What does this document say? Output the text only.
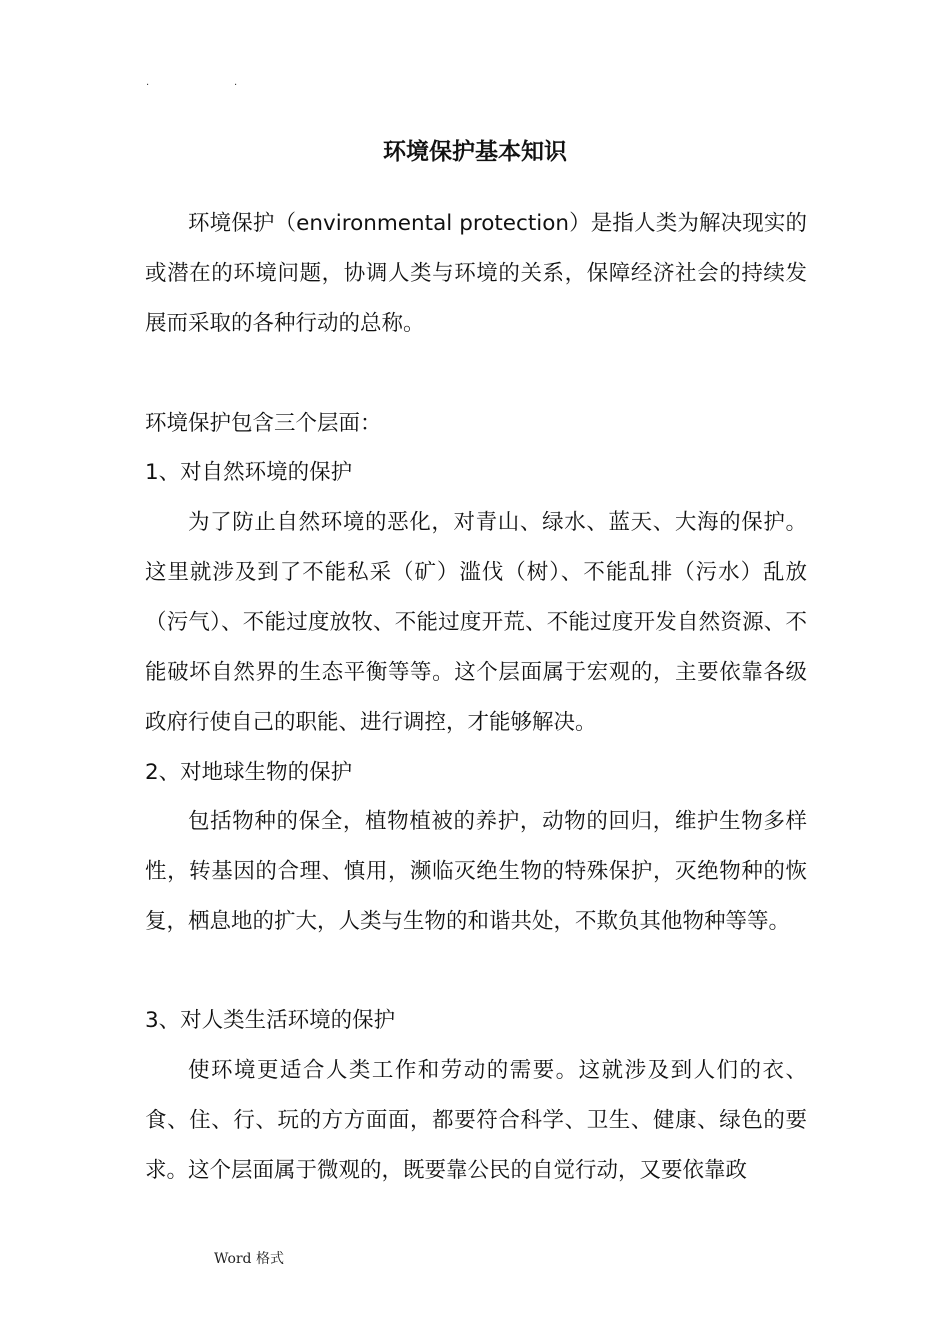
.	.
环境保护基本知识

环境保护（environmental protection）是指人类为解决现实的或潜在的环境问题，协调人类与环境的关系，保障经济社会的持续发展而采取的各种行动的总称。

环境保护包含三个层面：

1、对自然环境的保护

为了防止自然环境的恶化，对青山、绿水、蓝天、大海的保护。这里就涉及到了不能私采（矿）滥伐（树）、不能乱排（污水）乱放（污气）、不能过度放牧、不能过度开荒、不能过度开发自然资源、不能破坏自然界的生态平衡等等。这个层面属于宏观的，主要依靠各级政府行使自己的职能、进行调控，才能够解决。

2、对地球生物的保护

包括物种的保全，植物植被的养护，动物的回归，维护生物多样性，转基因的合理、慎用，濒临灭绝生物的特殊保护，灭绝物种的恢复，栖息地的扩大，人类与生物的和谐共处，不欺负其他物种等等。

3、对人类生活环境的保护

使环境更适合人类工作和劳动的需要。这就涉及到人们的衣、食、住、行、玩的方方面面，都要符合科学、卫生、健康、绿色的要求。这个层面属于微观的，既要靠公民的自觉行动，又要依靠政

Word 格式
